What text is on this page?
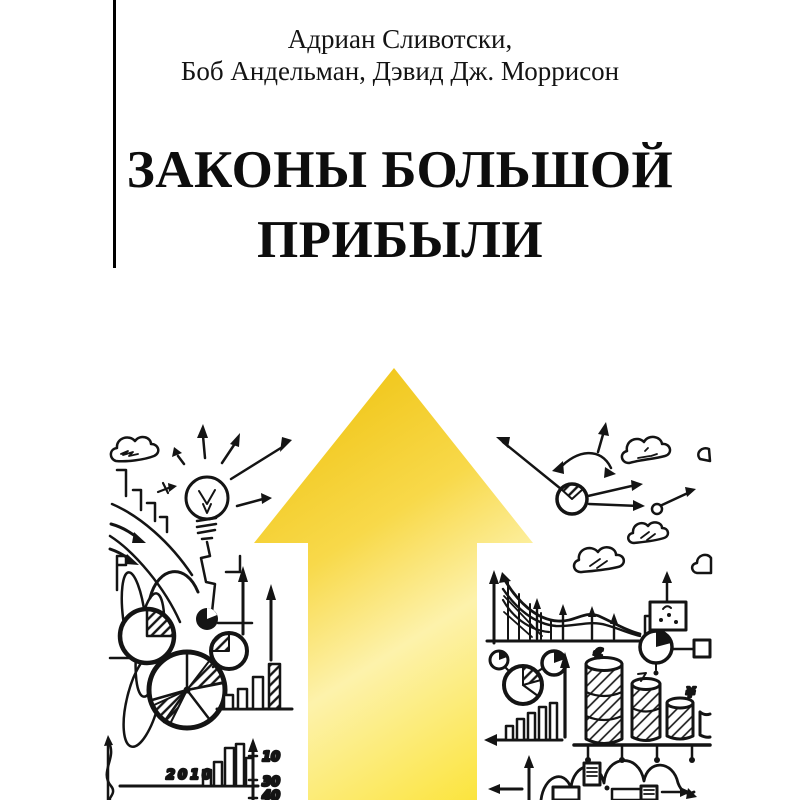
10
30
40
2010
€
¥
Адриан Сливотски,
Боб Андельман, Дэвид Дж. Моррисон
ЗАКОНЫ БОЛЬШОЙ
ПРИБЫЛИ
